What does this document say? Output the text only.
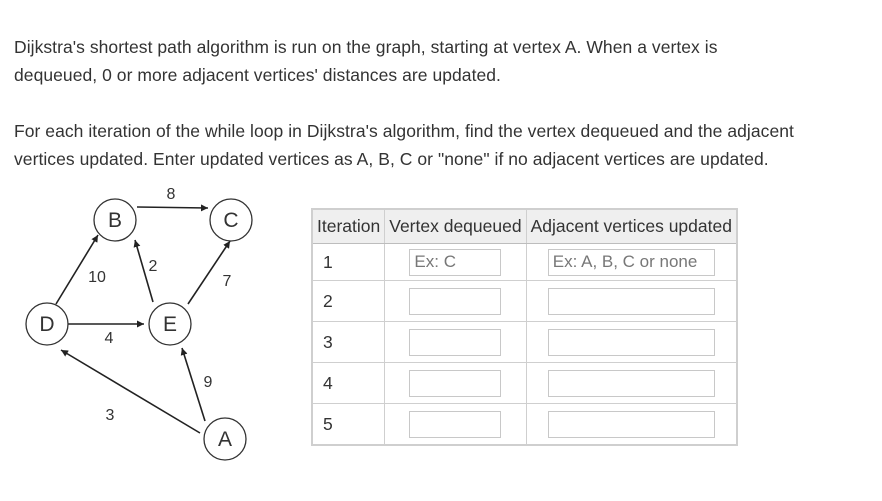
Dijkstra's shortest path algorithm is run on the graph, starting at vertex A. When a vertex is
dequeued, 0 or more adjacent vertices' distances are updated.

For each iteration of the while loop in Dijkstra's algorithm, find the vertex dequeued and the adjacent
vertices updated. Enter updated vertices as A, B, C or "none" if no adjacent vertices are updated.

8
10
2
7
4
9
3
B	C
D	E
A
Iteration	Vertex dequeued	Adjacent vertices updated
1	Ex: C	Ex: A, B, C or none
2		
3		
4		
5		
